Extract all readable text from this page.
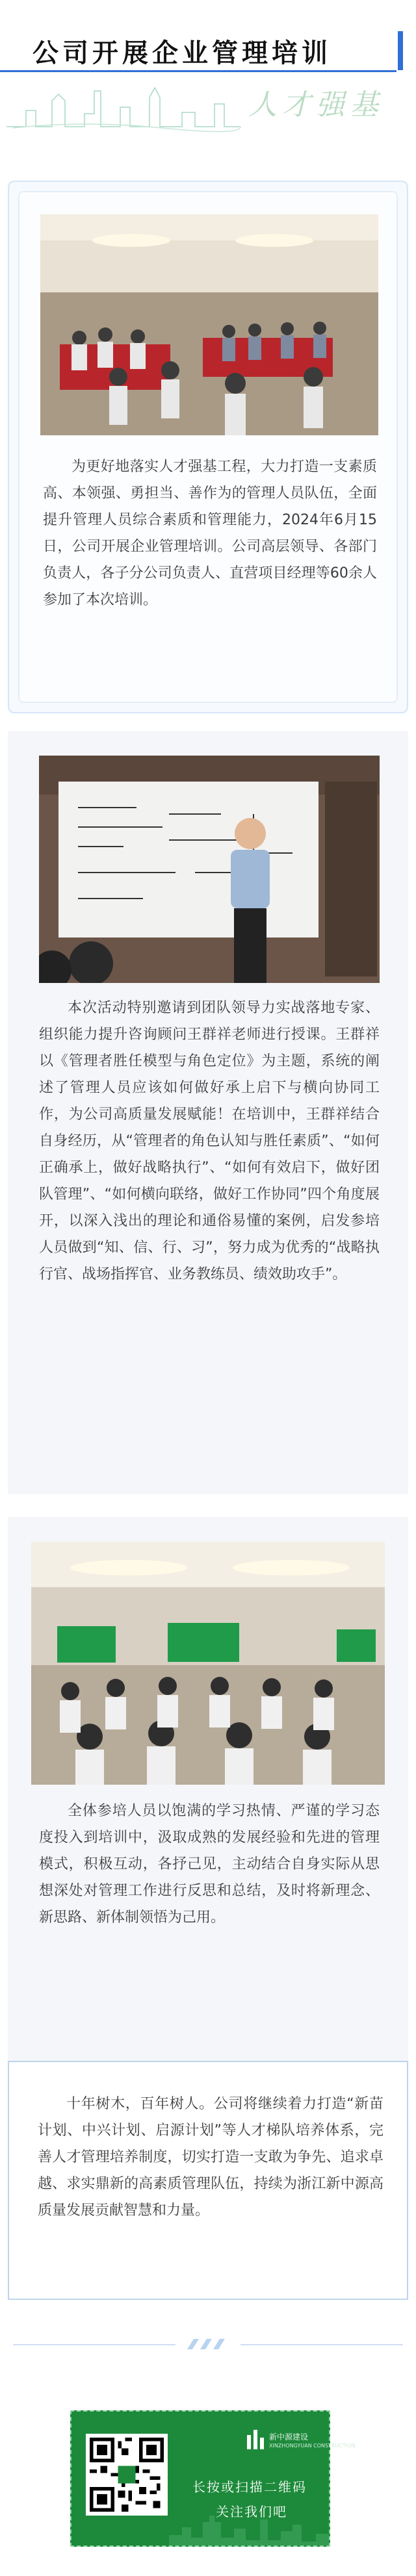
公司开展企业管理培训
人才强基
为更好地落实人才强基工程，大力打造一支素质高、本领强、勇担当、善作为的管理人员队伍，全面提升管理人员综合素质和管理能力，2024年6月15日，公司开展企业管理培训。公司高层领导、各部门负责人，各子分公司负责人、直营项目经理等60余人参加了本次培训。
本次活动特别邀请到团队领导力实战落地专家、组织能力提升咨询顾问王群祥老师进行授课。王群祥以《管理者胜任模型与角色定位》为主题，系统的阐述了管理人员应该如何做好承上启下与横向协同工作，为公司高质量发展赋能！在培训中，王群祥结合自身经历，从“管理者的角色认知与胜任素质”、“如何正确承上，做好战略执行”、“如何有效启下，做好团队管理”、“如何横向联络，做好工作协同”四个角度展开，以深入浅出的理论和通俗易懂的案例，启发参培人员做到“知、信、行、习”，努力成为优秀的“战略执行官、战场指挥官、业务教练员、绩效助攻手”。
全体参培人员以饱满的学习热情、严谨的学习态度投入到培训中，汲取成熟的发展经验和先进的管理模式，积极互动，各抒己见，主动结合自身实际从思想深处对管理工作进行反思和总结，及时将新理念、新思路、新体制领悟为己用。
十年树木，百年树人。公司将继续着力打造“新苗计划、中兴计划、启源计划”等人才梯队培养体系，完善人才管理培养制度，切实打造一支敢为争先、追求卓越、求实鼎新的高素质管理队伍，持续为浙江新中源高质量发展贡献智慧和力量。
新中源建设
XINZHONGYUAN CONSTRUCTION
长按或扫描二维码
关注我们吧
